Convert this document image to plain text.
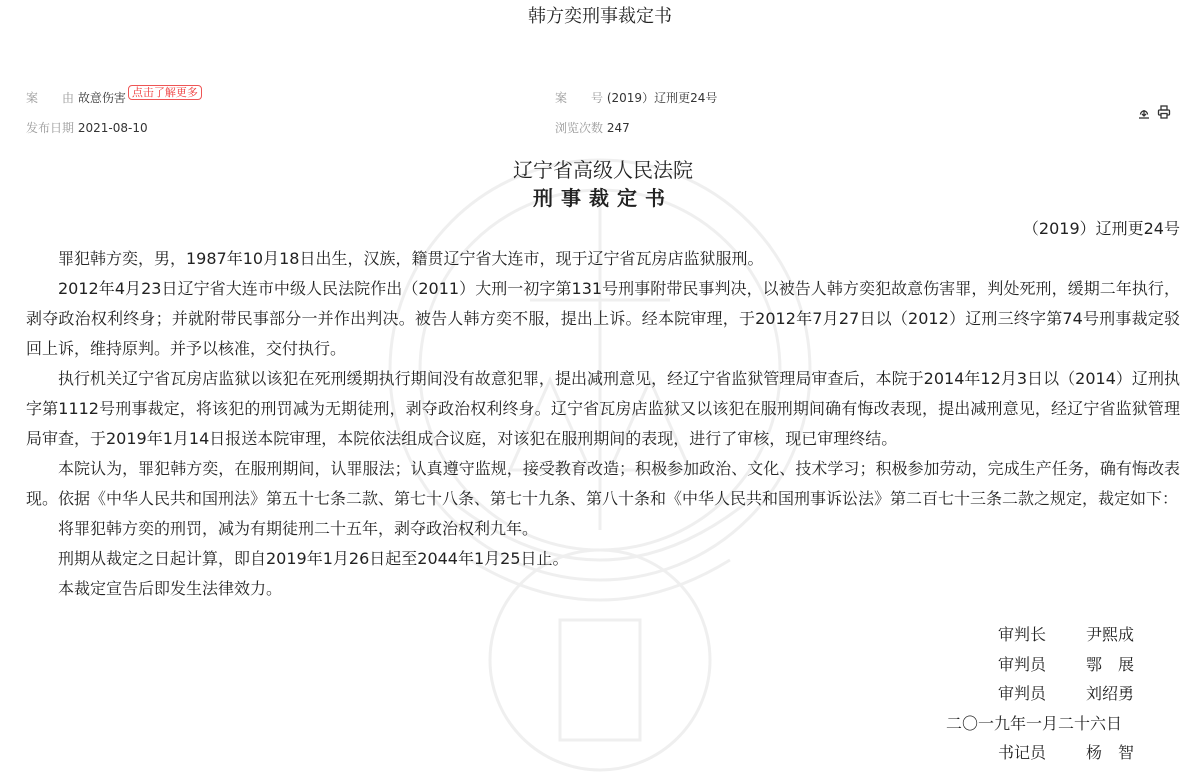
韩方奕刑事裁定书
案　　由 故意伤害 点击了解更多	案　　号 (2019）辽刑更24号
发布日期 2021-08-10	浏览次数 247
辽宁省高级人民法院
刑事裁定书
（2019）辽刑更24号

罪犯韩方奕，男，1987年10月18日出生，汉族，籍贯辽宁省大连市，现于辽宁省瓦房店监狱服刑。

2012年4月23日辽宁省大连市中级人民法院作出（2011）大刑一初字第131号刑事附带民事判决，以被告人韩方奕犯故意伤害罪，判处死刑，缓期二年执行，剥夺政治权利终身；并就附带民事部分一并作出判决。被告人韩方奕不服，提出上诉。经本院审理，于2012年7月27日以（2012）辽刑三终字第74号刑事裁定驳回上诉，维持原判。并予以核准，交付执行。

执行机关辽宁省瓦房店监狱以该犯在死刑缓期执行期间没有故意犯罪，提出减刑意见，经辽宁省监狱管理局审查后，本院于2014年12月3日以（2014）辽刑执字第1112号刑事裁定，将该犯的刑罚减为无期徒刑，剥夺政治权利终身。辽宁省瓦房店监狱又以该犯在服刑期间确有悔改表现，提出减刑意见，经辽宁省监狱管理局审查，于2019年1月14日报送本院审理，本院依法组成合议庭，对该犯在服刑期间的表现，进行了审核，现已审理终结。

本院认为，罪犯韩方奕，在服刑期间，认罪服法；认真遵守监规，接受教育改造；积极参加政治、文化、技术学习；积极参加劳动，完成生产任务，确有悔改表现。依据《中华人民共和国刑法》第五十七条二款、第七十八条、第七十九条、第八十条和《中华人民共和国刑事诉讼法》第二百七十三条二款之规定，裁定如下：

将罪犯韩方奕的刑罚，减为有期徒刑二十五年，剥夺政治权利九年。

刑期从裁定之日起计算，即自2019年1月26日起至2044年1月25日止。

本裁定宣告后即发生法律效力。

审判长	尹熙成
审判员	鄂　展
审判员	刘绍勇
二〇一九年一月二十六日
书记员	杨　智
